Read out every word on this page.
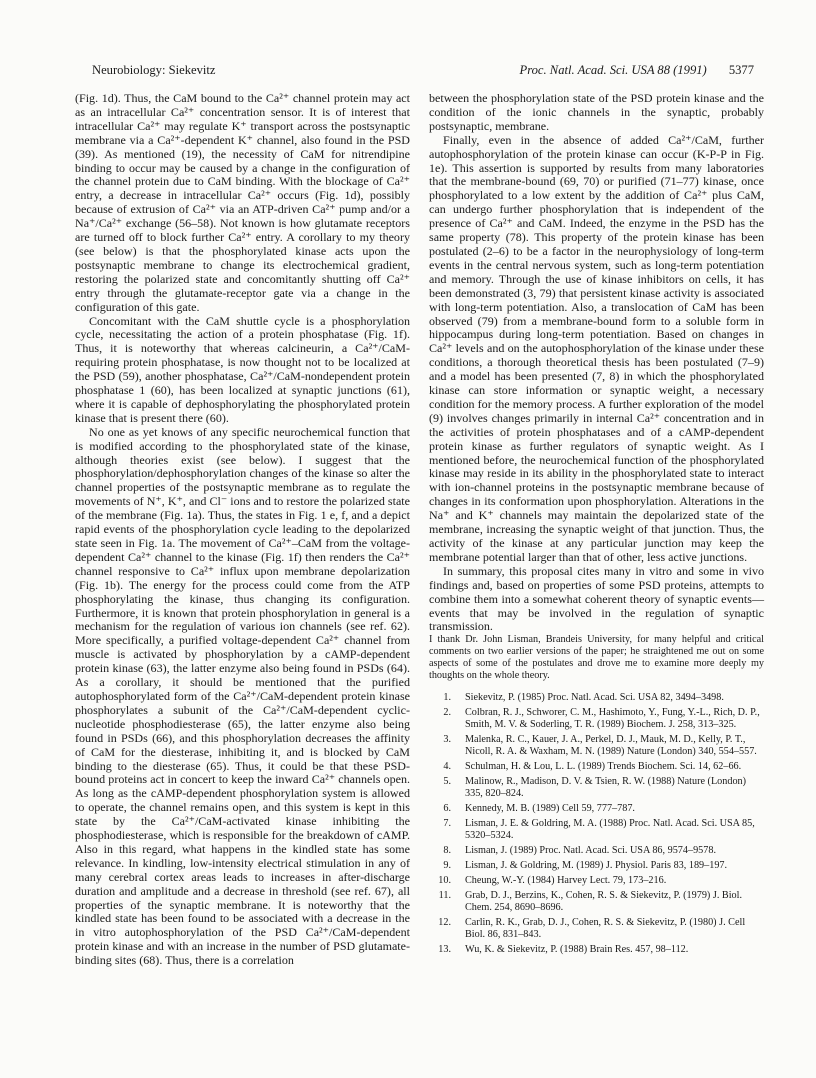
Neurobiology: Siekevitz	Proc. Natl. Acad. Sci. USA 88 (1991) 5377

(Fig. 1d). Thus, the CaM bound to the Ca²⁺ channel protein may act as an intracellular Ca²⁺ concentration sensor. It is of interest that intracellular Ca²⁺ may regulate K⁺ transport across the postsynaptic membrane via a Ca²⁺-dependent K⁺ channel, also found in the PSD (39). As mentioned (19), the necessity of CaM for nitrendipine binding to occur may be caused by a change in the configuration of the channel protein due to CaM binding. With the blockage of Ca²⁺ entry, a decrease in intracellular Ca²⁺ occurs (Fig. 1d), possibly because of extrusion of Ca²⁺ via an ATP-driven Ca²⁺ pump and/or a Na⁺/Ca²⁺ exchange (56–58). Not known is how glutamate receptors are turned off to block further Ca²⁺ entry. A corollary to my theory (see below) is that the phosphorylated kinase acts upon the postsynaptic membrane to change its electrochemical gradient, restoring the polarized state and concomitantly shutting off Ca²⁺ entry through the glutamate-receptor gate via a change in the configuration of this gate.

Concomitant with the CaM shuttle cycle is a phosphorylation cycle, necessitating the action of a protein phosphatase (Fig. 1f). Thus, it is noteworthy that whereas calcineurin, a Ca²⁺/CaM-requiring protein phosphatase, is now thought not to be localized at the PSD (59), another phosphatase, Ca²⁺/CaM-nondependent protein phosphatase 1 (60), has been localized at synaptic junctions (61), where it is capable of dephosphorylating the phosphorylated protein kinase that is present there (60).

No one as yet knows of any specific neurochemical function that is modified according to the phosphorylated state of the kinase, although theories exist (see below). I suggest that the phosphorylation/dephosphorylation changes of the kinase so alter the channel properties of the postsynaptic membrane as to regulate the movements of N⁺, K⁺, and Cl⁻ ions and to restore the polarized state of the membrane (Fig. 1a). Thus, the states in Fig. 1 e, f, and a depict rapid events of the phosphorylation cycle leading to the depolarized state seen in Fig. 1a. The movement of Ca²⁺–CaM from the voltage-dependent Ca²⁺ channel to the kinase (Fig. 1f) then renders the Ca²⁺ channel responsive to Ca²⁺ influx upon membrane depolarization (Fig. 1b). The energy for the process could come from the ATP phosphorylating the kinase, thus changing its configuration. Furthermore, it is known that protein phosphorylation in general is a mechanism for the regulation of various ion channels (see ref. 62). More specifically, a purified voltage-dependent Ca²⁺ channel from muscle is activated by phosphorylation by a cAMP-dependent protein kinase (63), the latter enzyme also being found in PSDs (64). As a corollary, it should be mentioned that the purified autophosphorylated form of the Ca²⁺/CaM-dependent protein kinase phosphorylates a subunit of the Ca²⁺/CaM-dependent cyclic-nucleotide phosphodiesterase (65), the latter enzyme also being found in PSDs (66), and this phosphorylation decreases the affinity of CaM for the diesterase, inhibiting it, and is blocked by CaM binding to the diesterase (65). Thus, it could be that these PSD-bound proteins act in concert to keep the inward Ca²⁺ channels open. As long as the cAMP-dependent phosphorylation system is allowed to operate, the channel remains open, and this system is kept in this state by the Ca²⁺/CaM-activated kinase inhibiting the phosphodiesterase, which is responsible for the breakdown of cAMP. Also in this regard, what happens in the kindled state has some relevance. In kindling, low-intensity electrical stimulation in any of many cerebral cortex areas leads to increases in after-discharge duration and amplitude and a decrease in threshold (see ref. 67), all properties of the synaptic membrane. It is noteworthy that the kindled state has been found to be associated with a decrease in the in vitro autophosphorylation of the PSD Ca²⁺/CaM-dependent protein kinase and with an increase in the number of PSD glutamate-binding sites (68). Thus, there is a correlation

between the phosphorylation state of the PSD protein kinase and the condition of the ionic channels in the synaptic, probably postsynaptic, membrane.

Finally, even in the absence of added Ca²⁺/CaM, further autophosphorylation of the protein kinase can occur (K-P-P in Fig. 1e). This assertion is supported by results from many laboratories that the membrane-bound (69, 70) or purified (71–77) kinase, once phosphorylated to a low extent by the addition of Ca²⁺ plus CaM, can undergo further phosphorylation that is independent of the presence of Ca²⁺ and CaM. Indeed, the enzyme in the PSD has the same property (78). This property of the protein kinase has been postulated (2–6) to be a factor in the neurophysiology of long-term events in the central nervous system, such as long-term potentiation and memory. Through the use of kinase inhibitors on cells, it has been demonstrated (3, 79) that persistent kinase activity is associated with long-term potentiation. Also, a translocation of CaM has been observed (79) from a membrane-bound form to a soluble form in hippocampus during long-term potentiation. Based on changes in Ca²⁺ levels and on the autophosphorylation of the kinase under these conditions, a thorough theoretical thesis has been postulated (7–9) and a model has been presented (7, 8) in which the phosphorylated kinase can store information or synaptic weight, a necessary condition for the memory process. A further exploration of the model (9) involves changes primarily in internal Ca²⁺ concentration and in the activities of protein phosphatases and of a cAMP-dependent protein kinase as further regulators of synaptic weight. As I mentioned before, the neurochemical function of the phosphorylated kinase may reside in its ability in the phosphorylated state to interact with ion-channel proteins in the postsynaptic membrane because of changes in its conformation upon phosphorylation. Alterations in the Na⁺ and K⁺ channels may maintain the depolarized state of the membrane, increasing the synaptic weight of that junction. Thus, the activity of the kinase at any particular junction may keep the membrane potential larger than that of other, less active junctions.

In summary, this proposal cites many in vitro and some in vivo findings and, based on properties of some PSD proteins, attempts to combine them into a somewhat coherent theory of synaptic events—events that may be involved in the regulation of synaptic transmission.

I thank Dr. John Lisman, Brandeis University, for many helpful and critical comments on two earlier versions of the paper; he straightened me out on some aspects of some of the postulates and drove me to examine more deeply my thoughts on the whole theory.

1.	Siekevitz, P. (1985) Proc. Natl. Acad. Sci. USA 82, 3494–3498.
2.	Colbran, R. J., Schworer, C. M., Hashimoto, Y., Fung, Y.-L., Rich, D. P., Smith, M. V. & Soderling, T. R. (1989) Biochem. J. 258, 313–325.
3.	Malenka, R. C., Kauer, J. A., Perkel, D. J., Mauk, M. D., Kelly, P. T., Nicoll, R. A. & Waxham, M. N. (1989) Nature (London) 340, 554–557.
4.	Schulman, H. & Lou, L. L. (1989) Trends Biochem. Sci. 14, 62–66.
5.	Malinow, R., Madison, D. V. & Tsien, R. W. (1988) Nature (London) 335, 820–824.
6.	Kennedy, M. B. (1989) Cell 59, 777–787.
7.	Lisman, J. E. & Goldring, M. A. (1988) Proc. Natl. Acad. Sci. USA 85, 5320–5324.
8.	Lisman, J. (1989) Proc. Natl. Acad. Sci. USA 86, 9574–9578.
9.	Lisman, J. & Goldring, M. (1989) J. Physiol. Paris 83, 189–197.
10.	Cheung, W.-Y. (1984) Harvey Lect. 79, 173–216.
11.	Grab, D. J., Berzins, K., Cohen, R. S. & Siekevitz, P. (1979) J. Biol. Chem. 254, 8690–8696.
12.	Carlin, R. K., Grab, D. J., Cohen, R. S. & Siekevitz, P. (1980) J. Cell Biol. 86, 831–843.
13.	Wu, K. & Siekevitz, P. (1988) Brain Res. 457, 98–112.
